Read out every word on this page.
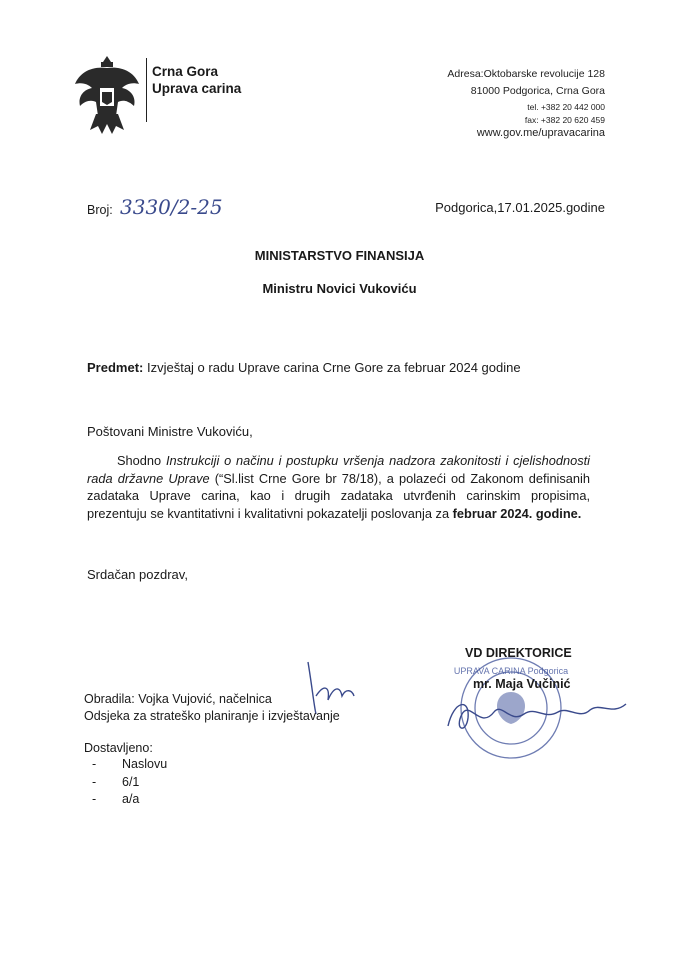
Crna Gora
Uprava carina
Adresa:Oktobarske revolucije 128
81000 Podgorica, Crna Gora
tel. +382 20 442 000
fax: +382 20 620 459
www.gov.me/upravacarina
Broj: 3330/2-25	Podgorica,17.01.2025.godine
MINISTARSTVO FINANSIJA
Ministru Novici Vukoviću
Predmet: Izvještaj o radu Uprave carina Crne Gore za februar 2024 godine
Poštovani Ministre Vukoviću,
Shodno Instrukciji o načinu i postupku vršenja nadzora zakonitosti i cjelishodnosti rada državne Uprave (“Sl.list Crne Gore br 78/18), a polazeći od Zakonom definisanih zadataka Uprave carina, kao i drugih zadataka utvrđenih carinskim propisima, prezentuju se kvantitativni i kvalitativni pokazatelji poslovanja za februar 2024. godine.
Srdačan pozdrav,
UPRAVA CARINA Podgorica
VD DIREKTORICE
mr. Maja Vučinić
Obradila: Vojka Vujović, načelnica
Odsjeka za strateško planiranje i izvještavanje
Dostavljeno:
- Naslovu
- 6/1
- a/a
